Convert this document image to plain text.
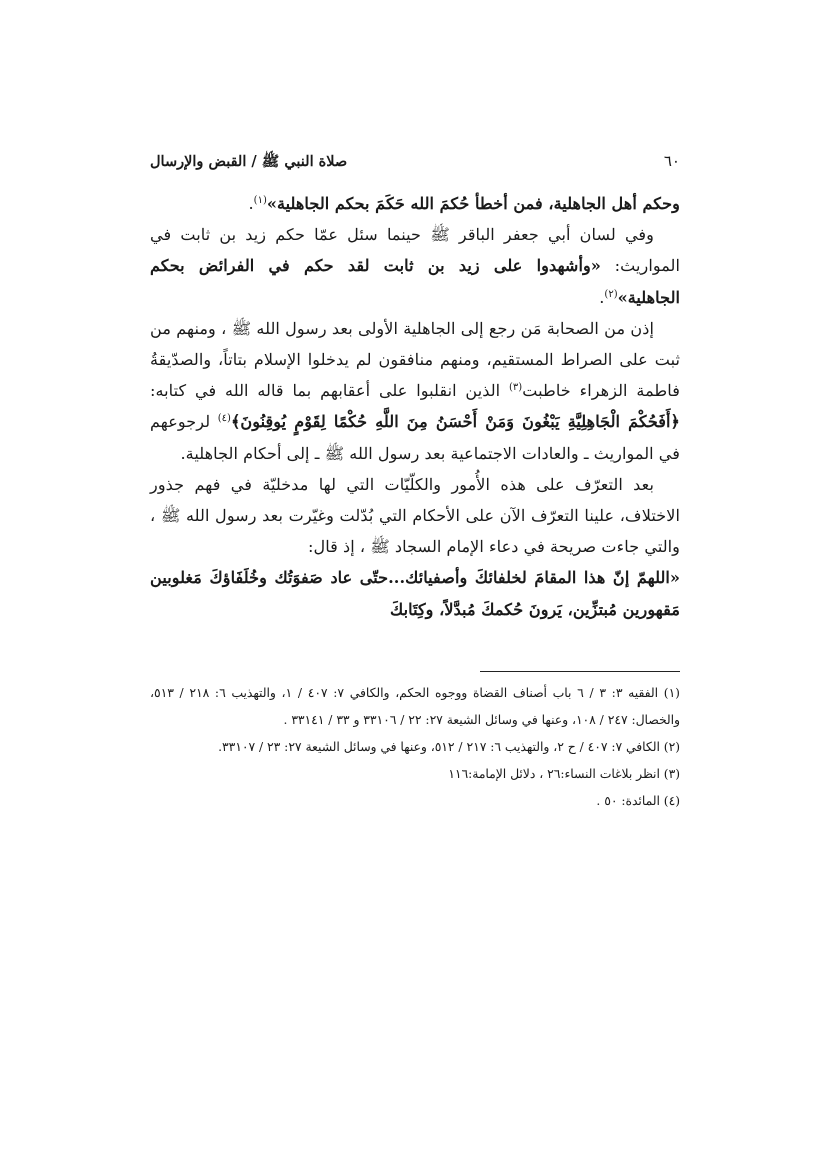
٦٠
صلاة النبي ﷺ / القبض والإرسال

وحكم أهل الجاهلية، فمن أخطأ حُكمَ الله حَكَمَ بحكم الجاهلية»$^{(١)}$.

وفي لسان أبي جعفر الباقر ﷺ حينما سئل عمّا حكم زيد بن ثابت في المواريث: «وأشهدوا على زيد بن ثابت لقد حكم في الفرائض بحكم الجاهلية»$^{(٢)}$.

إذن من الصحابة مَن رجع إلى الجاهلية الأولى بعد رسول الله ﷺ ، ومنهم من ثبت على الصراط المستقيم، ومنهم منافقون لم يدخلوا الإسلام بتاتاً، والصدّيقةُ فاطمة الزهراء خاطبت$^{(٣)}$ الذين انقلبوا على أعقابهم بما قاله الله في كتابه: ﴿أَفَحُكْمَ الْجَاهِلِيَّةِ يَبْغُونَ وَمَنْ أَحْسَنُ مِنَ اللَّهِ حُكْمًا لِقَوْمٍ يُوقِنُونَ﴾$^{(٤)}$ لرجوعهم في المواريث ـ والعادات الاجتماعية بعد رسول الله ﷺ ـ إلى أحكام الجاهلية.

بعد التعرّف على هذه الأُمور والكلّيّات التي لها مدخليّة في فهم جذور الاختلاف، علينا التعرّف الآن على الأحكام التي بُدّلت وغيّرت بعد رسول الله ﷺ ، والتي جاءت صريحة في دعاء الإمام السجاد ﷺ ، إذ قال:

«اللهمّ إنّ هذا المقامَ لخلفائكَ وأصفيائك...حتّى عاد صَفوَتُك وخُلَفَاؤكَ مَغلوبين مَقهورين مُبتزِّين، يَرونَ حُكمكَ مُبدَّلاً، وكِتَابكَ

(١) الفقيه ٣: ٣ / ٦ باب أصناف القضاة ووجوه الحكم، والكافي ٧: ٤٠٧ / ١، والتهذيب ٦: ٢١٨ / ٥١٣، والخصال: ٢٤٧ / ١٠٨، وعنها في وسائل الشيعة ٢٧: ٢٢ / ٣٣١٠٦ و ٣٣ / ٣٣١٤١ .

(٢) الكافي ٧: ٤٠٧ / ح ٢، والتهذيب ٦: ٢١٧ / ٥١٢، وعنها في وسائل الشيعة ٢٧: ٢٣ / ٣٣١٠٧.

(٣) انظر بلاغات النساء:٢٦ ، دلائل الإمامة:١١٦

(٤) المائدة: ٥٠ .
